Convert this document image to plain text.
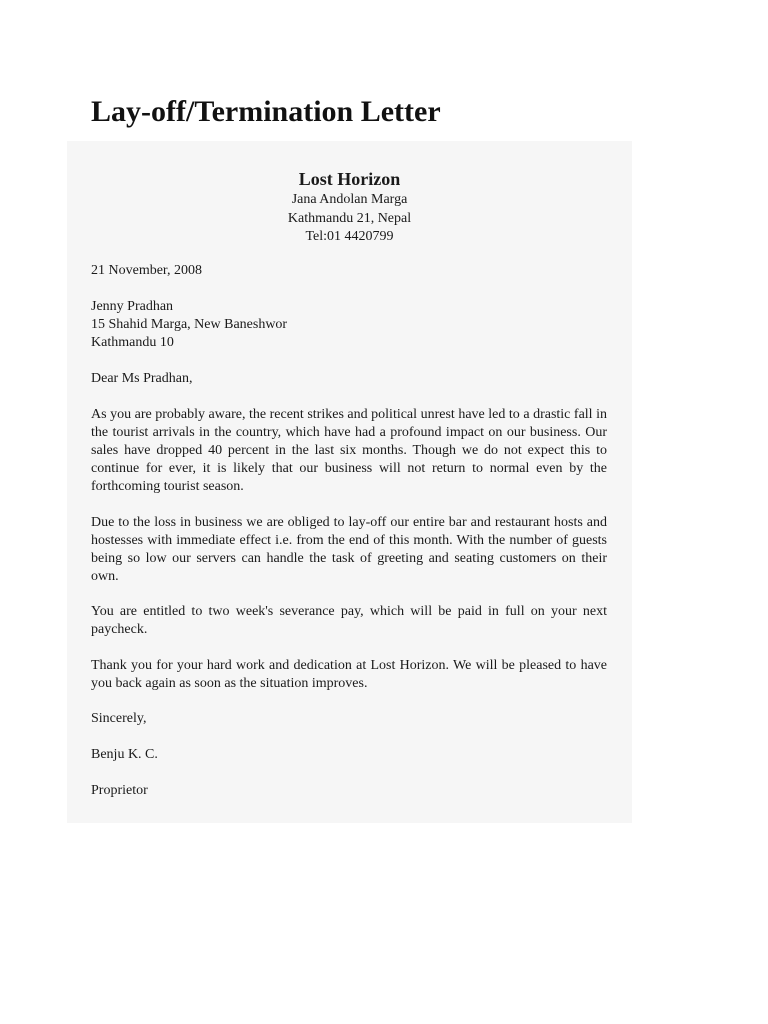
Lay-off/Termination Letter
Lost Horizon
Jana Andolan Marga
Kathmandu 21, Nepal
Tel:01 4420799
21 November, 2008
Jenny Pradhan
15 Shahid Marga, New Baneshwor
Kathmandu 10
Dear Ms Pradhan,
As you are probably aware, the recent strikes and political unrest have led to a drastic fall in the tourist arrivals in the country, which have had a profound impact on our business. Our sales have dropped 40 percent in the last six months. Though we do not expect this to continue for ever, it is likely that our business will not return to normal even by the forthcoming tourist season.
Due to the loss in business we are obliged to lay-off our entire bar and restaurant hosts and hostesses with immediate effect i.e. from the end of this month. With the number of guests being so low our servers can handle the task of greeting and seating customers on their own.
You are entitled to two week's severance pay, which will be paid in full on your next paycheck.
Thank you for your hard work and dedication at Lost Horizon. We will be pleased to have you back again as soon as the situation improves.
Sincerely,
Benju K. C.
Proprietor
